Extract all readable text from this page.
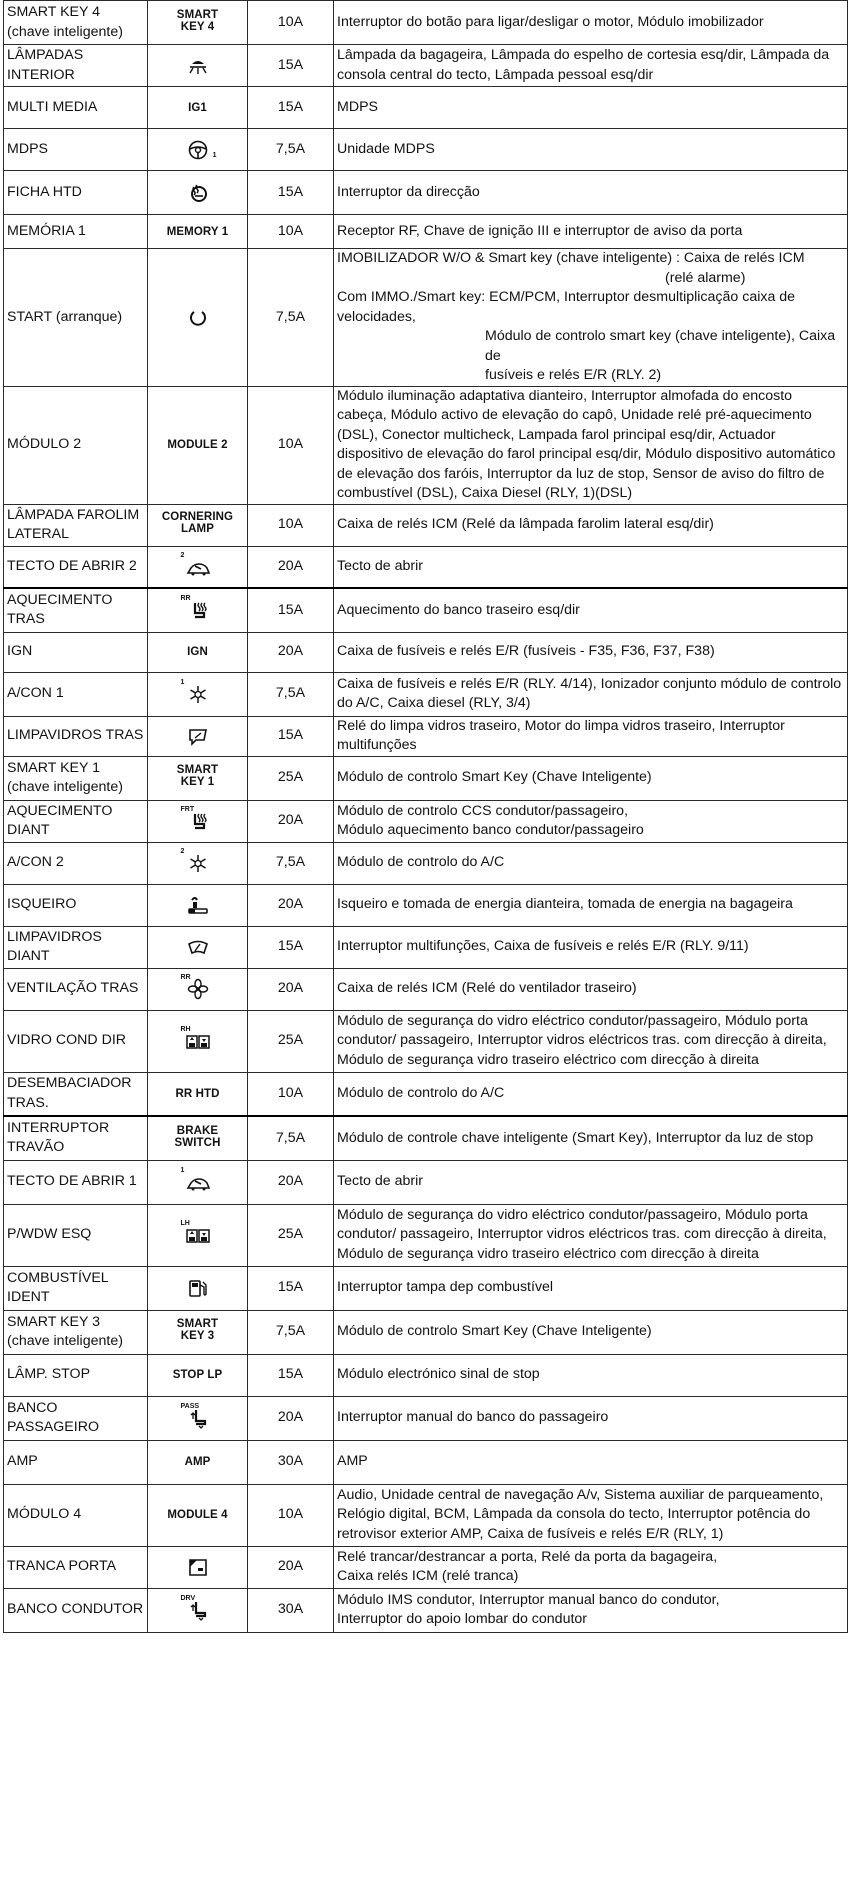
SMART KEY 4 (chave inteligente)	SMART
KEY 4	10A	Interruptor do botão para ligar/desligar o motor, Módulo imobilizador

LÂMPADAS INTERIOR		15A	Lâmpada da bagageira, Lâmpada do espelho de cortesia esq/dir, Lâmpada da consola central do tecto, Lâmpada pessoal esq/dir

MULTI MEDIA	IG1	15A	MDPS

MDPS	1	7,5A	Unidade MDPS

FICHA HTD		15A	Interruptor da direcção

MEMÓRIA 1	MEMORY 1	10A	Receptor RF, Chave de ignição III e interruptor de aviso da porta

START (arranque)		7,5A	IMOBILIZADOR W/O & Smart key (chave inteligente) : Caixa de relés ICM
(relé alarme)
Com IMMO./Smart key: ECM/PCM, Interruptor desmultiplicação caixa de velocidades,
Módulo de controlo smart key (chave inteligente), Caixa de
fusíveis e relés E/R (RLY. 2)

MÓDULO 2	MODULE 2	10A	Módulo iluminação adaptativa dianteiro, Interruptor almofada do encosto cabeça, Módulo activo de elevação do capô, Unidade relé pré-aquecimento (DSL), Conector multicheck, Lampada farol principal esq/dir, Actuador dispositivo de elevação do farol principal esq/dir, Módulo dispositivo automático de elevação dos faróis, Interruptor da luz de stop, Sensor de aviso do filtro de combustível (DSL), Caixa Diesel (RLY, 1)(DSL)

LÂMPADA FAROLIM LATERAL	CORNERING
LAMP	10A	Caixa de relés ICM (Relé da lâmpada farolim lateral esq/dir)

TECTO DE ABRIR 2	2	20A	Tecto de abrir

AQUECIMENTO TRAS	RR	15A	Aquecimento do banco traseiro esq/dir

IGN	IGN	20A	Caixa de fusíveis e relés E/R (fusíveis - F35, F36, F37, F38)

A/CON 1	1	7,5A	Caixa de fusíveis e relés E/R (RLY. 4/14), Ionizador conjunto módulo de controlo do A/C, Caixa diesel (RLY, 3/4)

LIMPAVIDROS TRAS		15A	Relé do limpa vidros traseiro, Motor do limpa vidros traseiro, Interruptor multifunções

SMART KEY 1 (chave inteligente)	SMART
KEY 1	25A	Módulo de controlo Smart Key (Chave Inteligente)

AQUECIMENTO DIANT	FRT	20A	Módulo de controlo CCS condutor/passageiro,
Módulo aquecimento banco condutor/passageiro

A/CON 2	2	7,5A	Módulo de controlo do A/C

ISQUEIRO		20A	Isqueiro e tomada de energia dianteira, tomada de energia na bagageira

LIMPAVIDROS DIANT		15A	Interruptor multifunções, Caixa de fusíveis e relés E/R (RLY. 9/11)

VENTILAÇÃO TRAS	RR	20A	Caixa de relés ICM (Relé do ventilador traseiro)

VIDRO COND DIR	RH	25A	Módulo de segurança do vidro eléctrico condutor/passageiro, Módulo porta condutor/ passageiro, Interruptor vidros eléctricos tras. com direcção à direita, Módulo de segurança vidro traseiro eléctrico com direcção à direita

DESEMBACIADOR TRAS.	RR HTD	10A	Módulo de controlo do A/C

INTERRUPTOR TRAVÃO	BRAKE
SWITCH	7,5A	Módulo de controle chave inteligente (Smart Key), Interruptor da luz de stop

TECTO DE ABRIR 1	1	20A	Tecto de abrir

P/WDW ESQ	LH	25A	Módulo de segurança do vidro eléctrico condutor/passageiro, Módulo porta condutor/ passageiro, Interruptor vidros eléctricos tras. com direcção à direita, Módulo de segurança vidro traseiro eléctrico com direcção à direita

COMBUSTÍVEL IDENT		15A	Interruptor tampa dep combustível

SMART KEY 3 (chave inteligente)	SMART
KEY 3	7,5A	Módulo de controlo Smart Key (Chave Inteligente)

LÂMP. STOP	STOP LP	15A	Módulo electrónico sinal de stop

BANCO PASSAGEIRO	PASS	20A	Interruptor manual do banco do passageiro

AMP	AMP	30A	AMP

MÓDULO 4	MODULE 4	10A	Audio, Unidade central de navegação A/v, Sistema auxiliar de parqueamento, Relógio digital, BCM, Lâmpada da consola do tecto, Interruptor potência do retrovisor exterior AMP, Caixa de fusíveis e relés E/R (RLY, 1)

TRANCA PORTA		20A	Relé trancar/destrancar a porta, Relé da porta da bagageira,
Caixa relés ICM (relé tranca)

BANCO CONDUTOR	DRV	30A	Módulo IMS condutor, Interruptor manual banco do condutor,
Interruptor do apoio lombar do condutor
